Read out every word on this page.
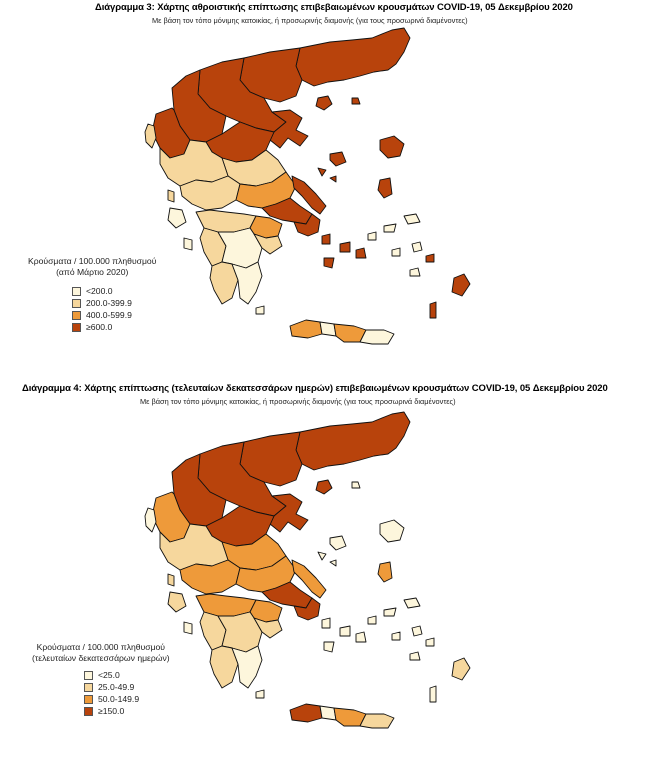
Διάγραμμα 3: Χάρτης αθροιστικής επίπτωσης επιβεβαιωμένων κρουσμάτων COVID-19, 05 Δεκεμβρίου 2020
Με βάση τον τόπο μόνιμης κατοικίας, ή προσωρινής διαμονής (για τους προσωρινά διαμένοντες)
Κρούσματα / 100.000 πληθυσμού
(από Μάρτιο 2020)
<200.0
200.0-399.9
400.0-599.9
≥600.0
Διάγραμμα 4: Χάρτης επίπτωσης (τελευταίων δεκατεσσάρων ημερών) επιβεβαιωμένων κρουσμάτων COVID-19, 05 Δεκεμβρίου 2020
Με βάση τον τόπο μόνιμης κατοικίας, ή προσωρινής διαμονής (για τους προσωρινά διαμένοντες)
Κρούσματα / 100.000 πληθυσμού
(τελευταίων δεκατεσσάρων ημερών)
<25.0
25.0-49.9
50.0-149.9
≥150.0
